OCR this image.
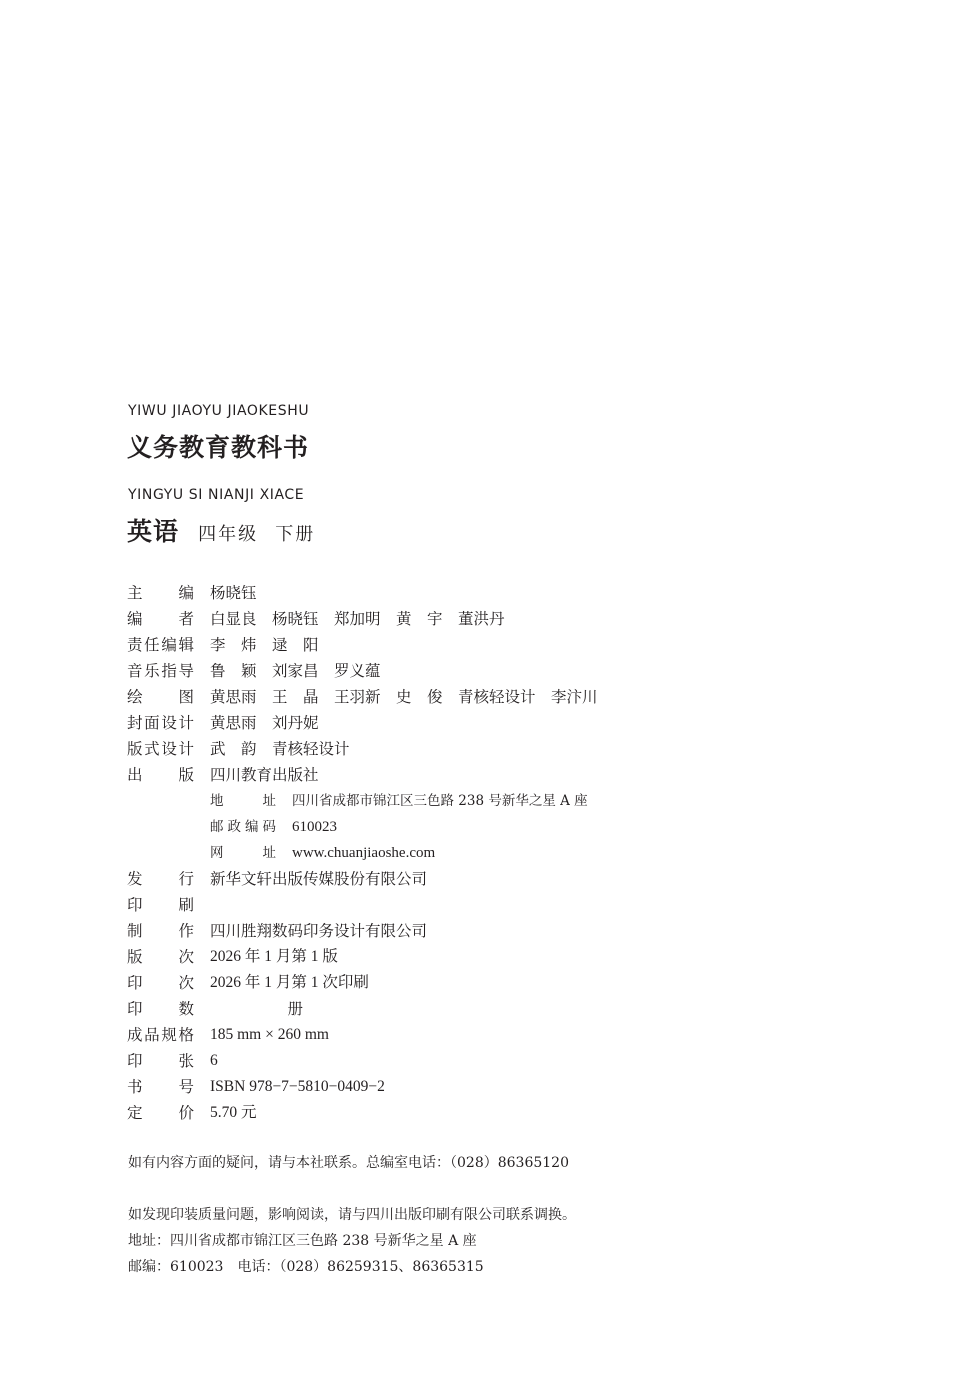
YIWU JIAOYU JIAOKESHU
义务教育教科书
YINGYU SI NIANJI XIACE
英语 四年级 下册
主 编 杨晓钰
编 者 白显良　杨晓钰　郑加明　黄　宇　董洪丹
责 任 编 辑 李　炜　逯　阳
音 乐 指 导 鲁　颖　刘家昌　罗义蕴
绘 图 黄思雨　王　晶　王羽新　史　俊　青核轻设计　李汴川
封 面 设 计 黄思雨　刘丹妮
版 式 设 计 武　韵　青核轻设计
出 版 四川教育出版社
地	址 四川省成都市锦江区三色路 238 号新华之星 A 座
邮 政 编 码 610023
网	址 www.chuanjiaoshe.com
发 行 新华文轩出版传媒股份有限公司
印 刷
制 作 四川胜翔数码印务设计有限公司
版 次 2026 年 1 月第 1 版
印 次 2026 年 1 月第 1 次印刷
印 数 　　　　　册
成 品 规 格 185 mm × 260 mm
印 张 6
书 号 ISBN 978−7−5810−0409−2
定 价 5.70 元
如有内容方面的疑问，请与本社联系。总编室电话：（028）86365120
如发现印装质量问题，影响阅读，请与四川出版印刷有限公司联系调换。
地址：四川省成都市锦江区三色路 238 号新华之星 A 座
邮编：610023　电话：（028）86259315、86365315
